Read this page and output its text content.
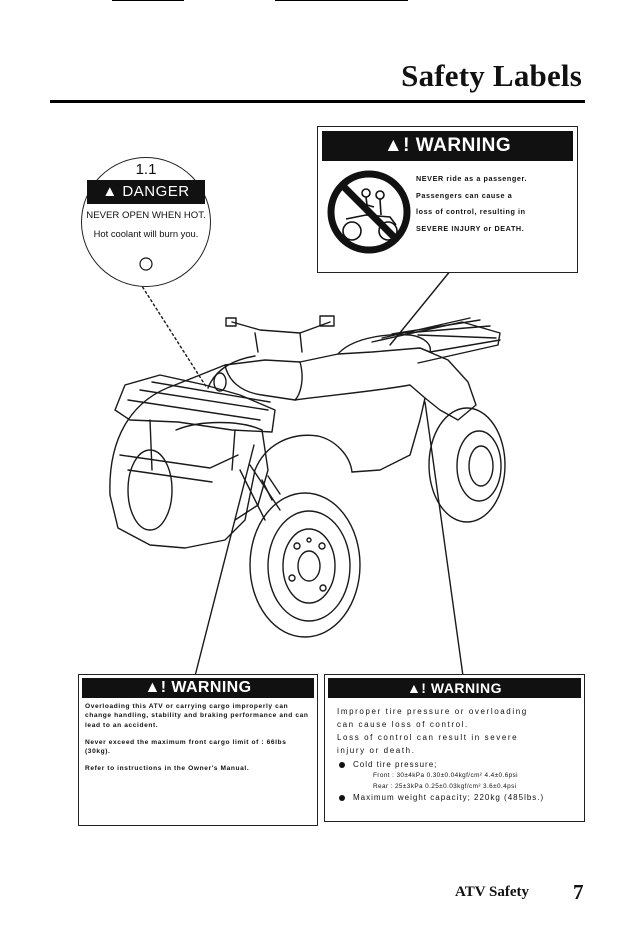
Safety Labels
▲! WARNING
NEVER ride as a passenger.
Passengers can cause a
loss of control, resulting in
SEVERE INJURY or DEATH.
1.1
▲ DANGER
NEVER OPEN WHEN HOT.
Hot coolant will burn you.
▲! WARNING

Overloading this ATV or carrying cargo improperly can change handling, stability and braking performance and can lead to an accident.

Never exceed the maximum front cargo limit of : 66lbs (30kg).

Refer to instructions in the Owner's Manual.

▲! WARNING
Improper tire pressure or overloading
can cause loss of control.
Loss of control can result in severe
injury or death.
Cold tire pressure;
Front : 30±4kPa 0.30±0.04kgf/cm² 4.4±0.6psi
Rear : 25±3kPa 0.25±0.03kgf/cm² 3.6±0.4psi
Maximum weight capacity; 220kg (485lbs.)
ATV Safety 7
